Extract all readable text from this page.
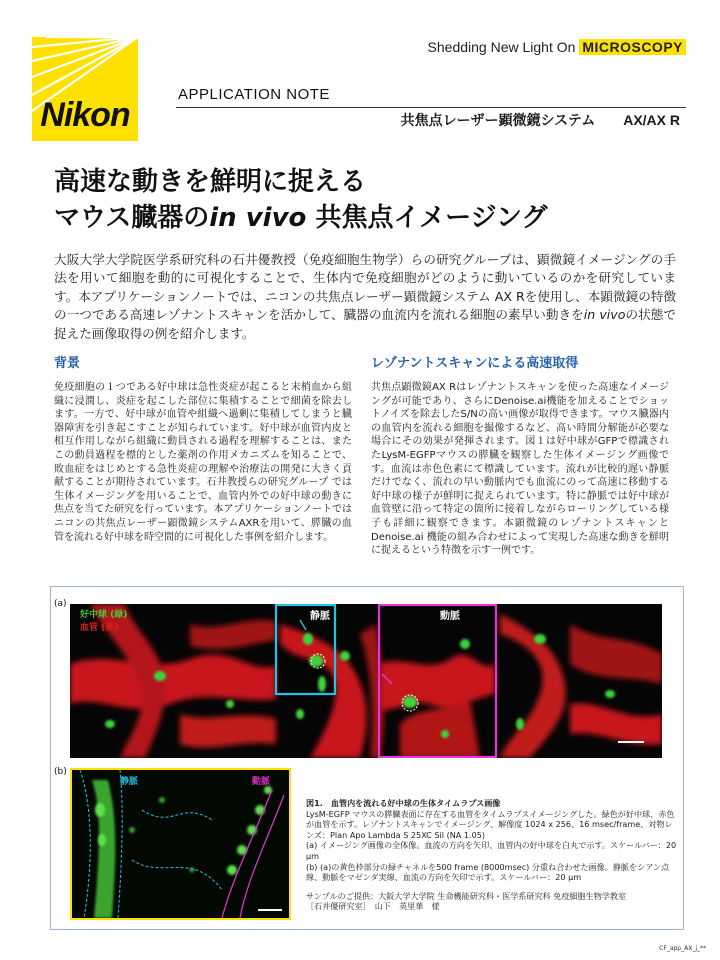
Nikon
Shedding New Light On MICROSCOPY
APPLICATION NOTE
共焦点レーザー顕微鏡システム AX/AX R
高速な動きを鮮明に捉える
マウス臓器のin vivo 共焦点イメージング
大阪大学大学院医学系研究科の石井優教授（免疫細胞生物学）らの研究グループは、顕微鏡イメージングの手法を用いて細胞を動的に可視化することで、生体内で免疫細胞がどのように動いているのかを研究しています。本アプリケーションノートでは、ニコンの共焦点レーザー顕微鏡システム AX Rを使用し、本顕微鏡の特徴の一つである高速レゾナントスキャンを活かして、臓器の血流内を流れる細胞の素早い動きをin vivoの状態で捉えた画像取得の例を紹介します。
背景

免疫細胞の１つである好中球は急性炎症が起こると末梢血から組織に浸潤し、炎症を起こした部位に集積することで細菌を除去します。一方で、好中球が血管や組織へ過剰に集積してしまうと臓器障害を引き起こすことが知られています。好中球が血管内皮と相互作用しながら組織に動員される過程を理解することは、またこの動員過程を標的とした薬剤の作用メカニズムを知ることで、敗血症をはじめとする急性炎症の理解や治療法の開発に大きく貢献することが期待されています。石井教授らの研究グループ では生体イメージングを用いることで、血管内外での好中球の動きに焦点を当てた研究を行っています。本アプリケーションノートではニコンの共焦点レーザー顕微鏡システムAXRを用いて、膵臓の血管を流れる好中球を時空間的に可視化した事例を紹介します。

レゾナントスキャンによる高速取得

共焦点顕微鏡AX Rはレゾナントスキャンを使った高速なイメージングが可能であり、さらにDenoise.ai機能を加えることでショットノイズを除去したS/Nの高い画像が取得できます。マウス臓器内の血管内を流れる細胞を撮像するなど、高い時間分解能が必要な場合にその効果が発揮されます。図１は好中球がGFPで標識されたLysM-EGFPマウスの膵臓を観察した生体イメージング画像です。血流は赤色色素にて標識しています。流れが比較的遅い静脈だけでなく、流れの早い動脈内でも血流にのって高速に移動する好中球の様子が鮮明に捉えられています。特に静脈では好中球が血管壁に沿って特定の箇所に接着しながらローリングしている様子も詳細に観察できます。本顕微鏡のレゾナントスキャンとDenoise.ai 機能の組み合わせによって実現した高速な動きを鮮明に捉えるという特徴を示す一例です。

(a)
(b)
静脈	動脈
好中球 (緑)
血管 (赤)
静脈	動脈
図1.　血管内を流れる好中球の生体タイムラプス画像
LysM-EGFP マウスの膵臓表面に存在する血管をタイムラプスイメージングした。緑色が好中球、赤色が血管を示す。レゾナントスキャンでイメージング、解像度 1024 x 256、16 msec/frame、対物レンズ：Plan Apo Lambda S 25XC Sil (NA 1.05)
(a) イメージング画像の全体像。血流の方向を矢印、血管内の好中球を白丸で示す。スケールバー：20 μm
(b) (a)の黄色枠部分の緑チャネルを500 frame (8000msec) 分重ね合わせた画像。静脈をシアン点線、動脈をマゼンダ実線、血流の方向を矢印で示す。スケールバー：20 μm
サンプルのご提供：大阪大学大学院 生命機能研究科・医学系研究科 免疫細胞生物学教室
［石井優研究室］　山下　英里華　様
CF_app_AX_j_**
